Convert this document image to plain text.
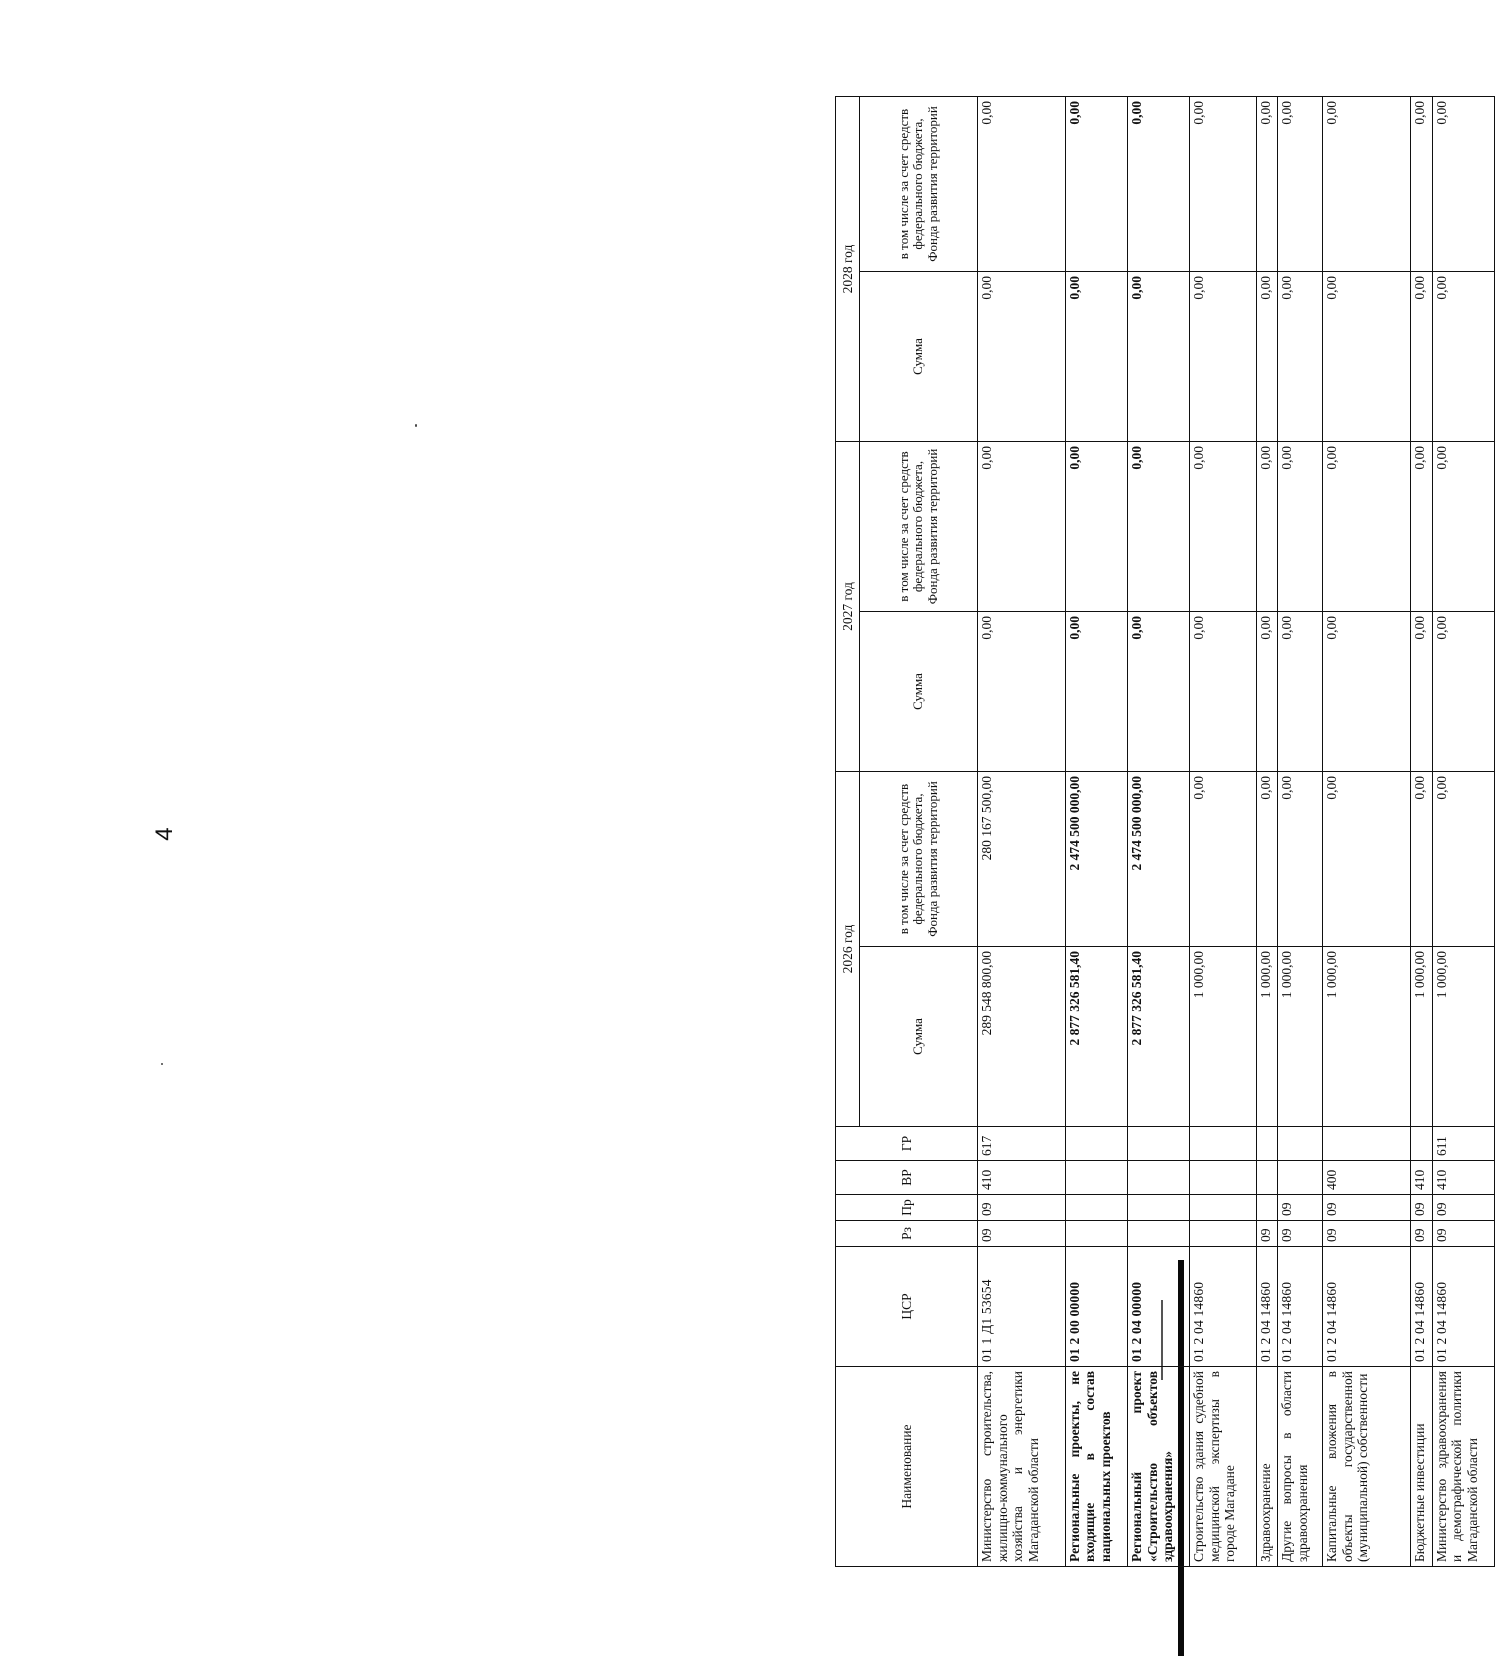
4
Наименование	ЦСР	Рз	Пр	ВР	ГР	2026 год		2027 год		2028 год	
						Сумма	в том числе за счет средств федерального бюджета, Фонда развития территорий	Сумма	в том числе за счет средств федерального бюджета, Фонда развития территорий	Сумма	в том числе за счет средств федерального бюджета, Фонда развития территорий
Министерство строительства, жилищно-коммунального хозяйства и энергетики Магаданской области	01 1 Д1 53654	09	09	410	617	289 548 800,00	280 167 500,00	0,00	0,00	0,00	0,00
Региональные проекты, не входящие в состав национальных проектов	01 2 00 00000					2 877 326 581,40	2 474 500 000,00	0,00	0,00	0,00	0,00
Региональный проект «Строительство объектов здравоохранения»	01 2 04 00000					2 877 326 581,40	2 474 500 000,00	0,00	0,00	0,00	0,00
Строительство здания судебной медицинской экспертизы в городе Магадане	01 2 04 14860					1 000,00	0,00	0,00	0,00	0,00	0,00
Здравоохранение	01 2 04 14860	09				1 000,00	0,00	0,00	0,00	0,00	0,00
Другие вопросы в области здравоохранения	01 2 04 14860	09	09			1 000,00	0,00	0,00	0,00	0,00	0,00
Капитальные вложения в объекты государственной (муниципальной) собственности	01 2 04 14860	09	09	400		1 000,00	0,00	0,00	0,00	0,00	0,00
Бюджетные инвестиции	01 2 04 14860	09	09	410		1 000,00	0,00	0,00	0,00	0,00	0,00
Министерство здравоохранения и демографической политики Магаданской области	01 2 04 14860	09	09	410	611	1 000,00	0,00	0,00	0,00	0,00	0,00
